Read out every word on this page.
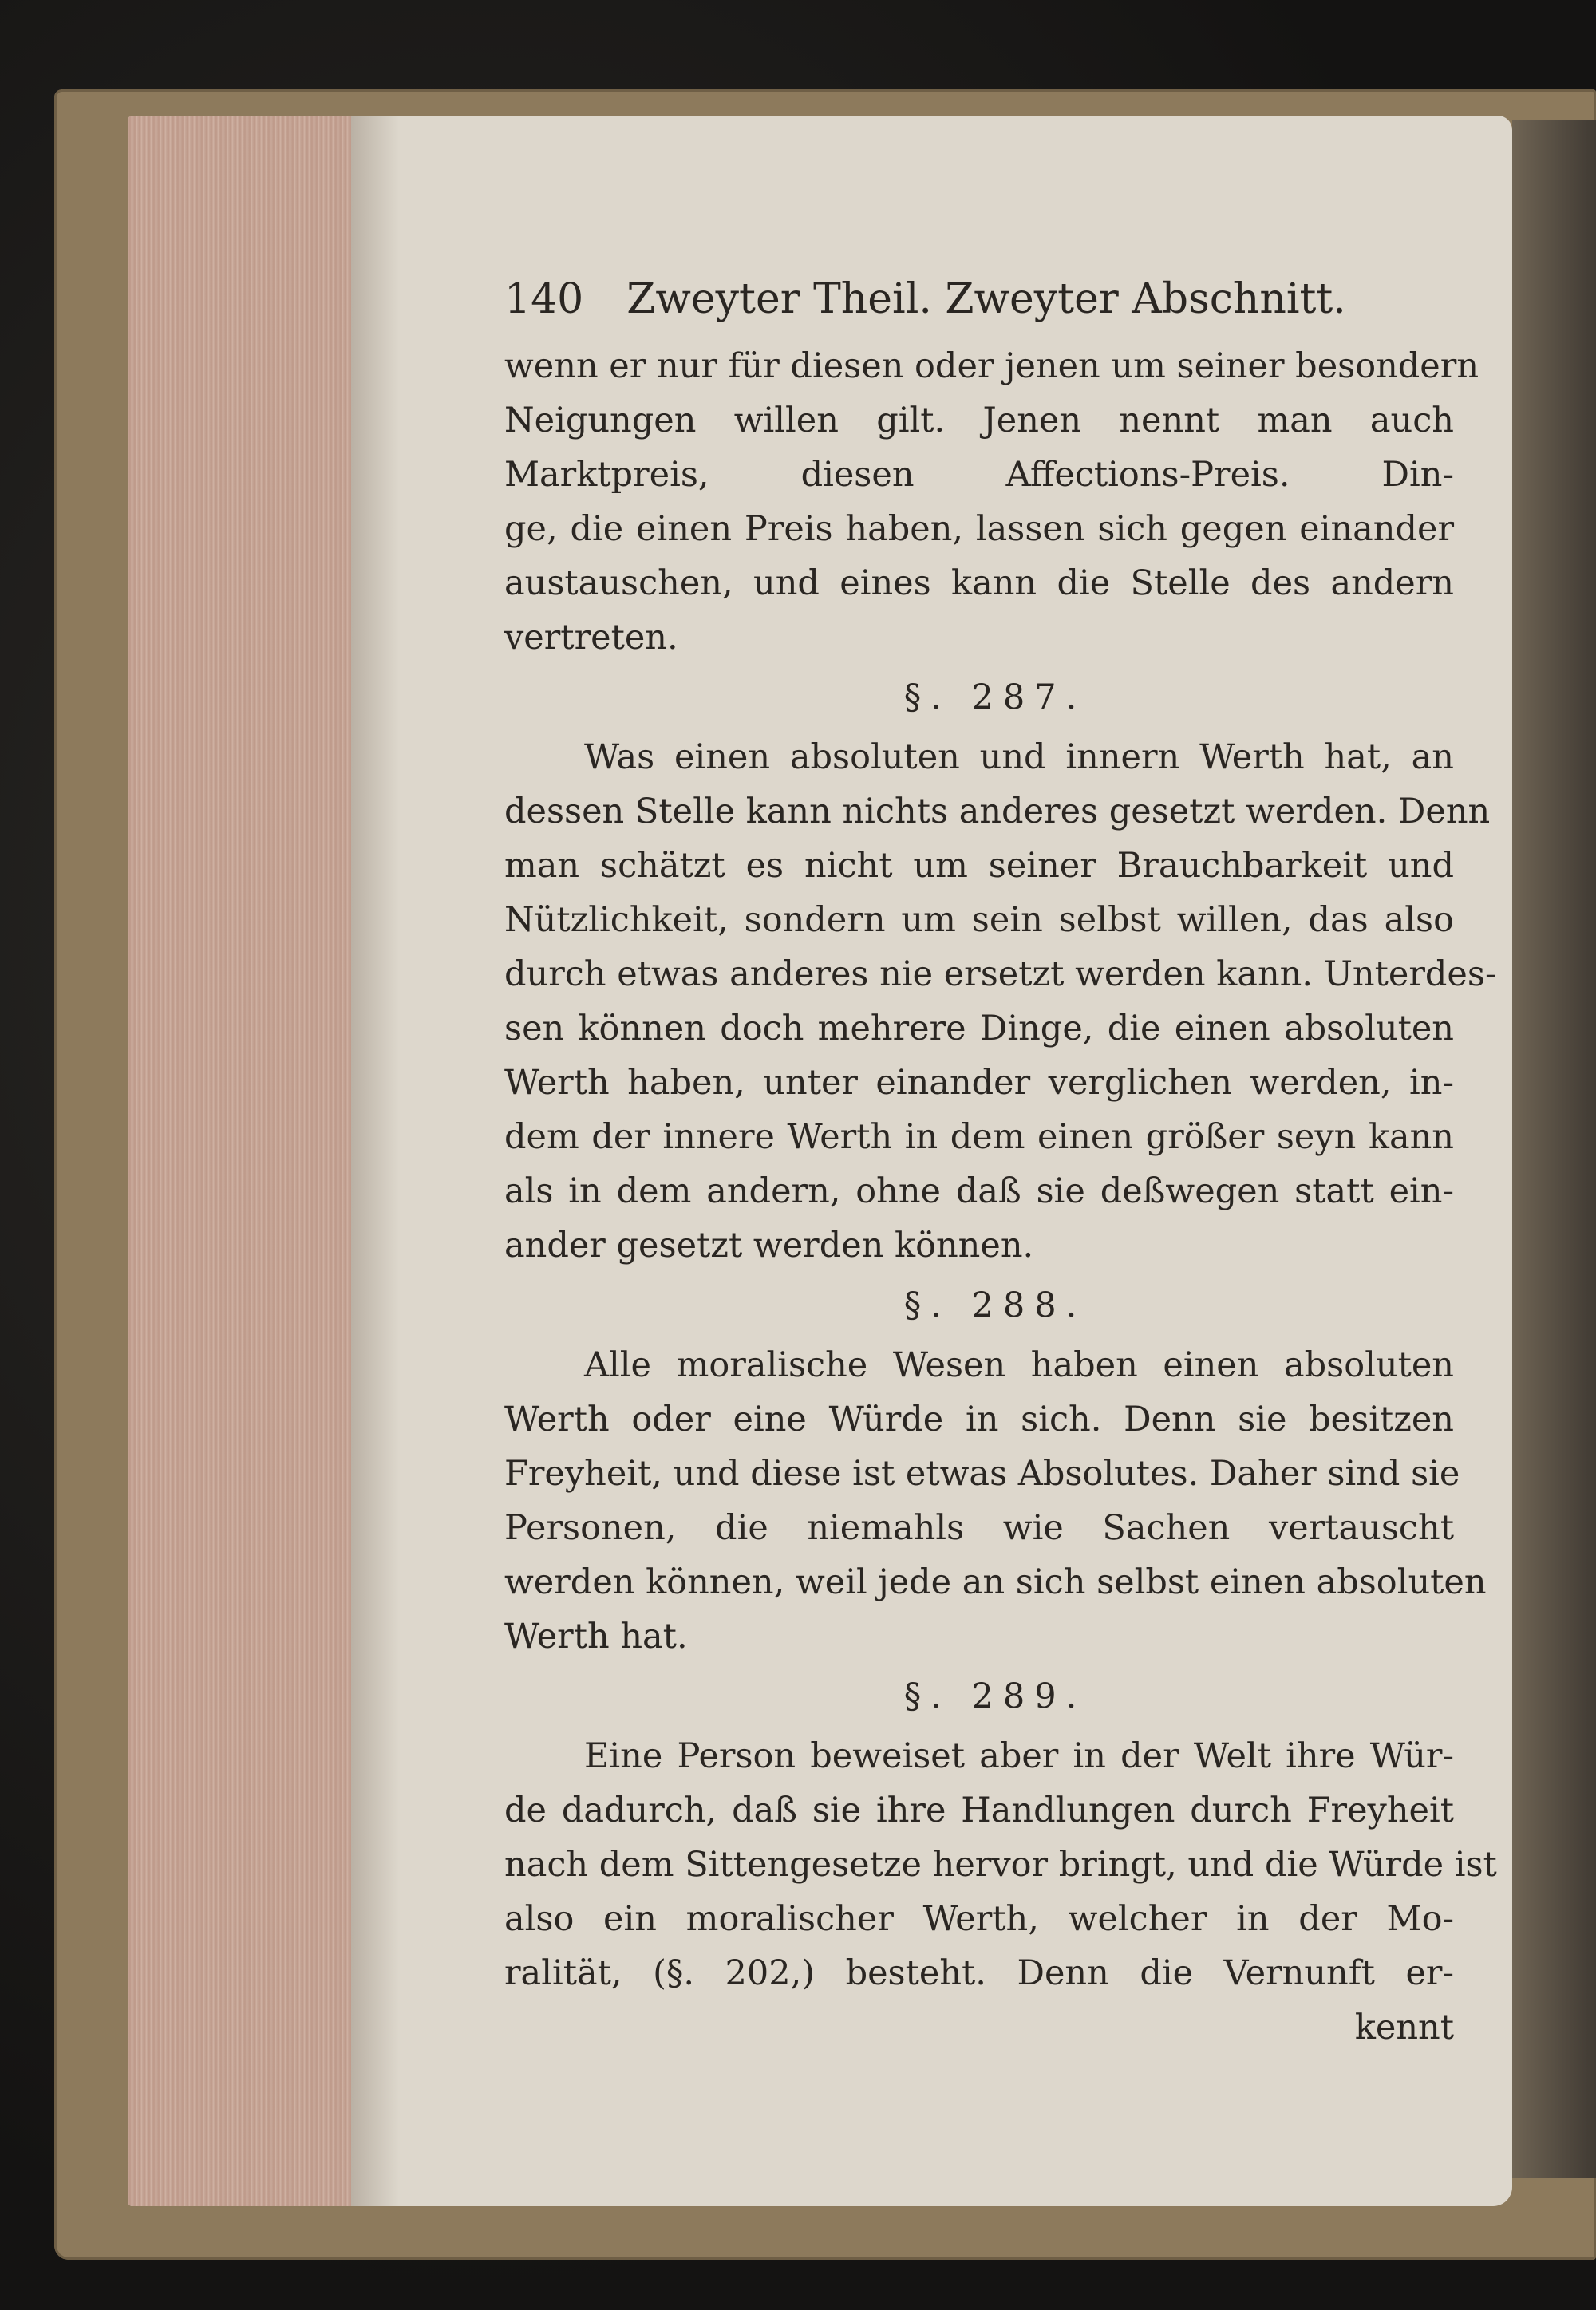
140 Zweyter Theil. Zweyter Abschnitt.
wenn er nur für diesen oder jenen um seiner besondern
Neigungen willen gilt. Jenen nennt man auch
Marktpreis, diesen Affections-Preis. Din-
ge, die einen Preis haben, lassen sich gegen einander
austauschen, und eines kann die Stelle des andern
vertreten.
§. 287.
Was einen absoluten und innern Werth hat, an
dessen Stelle kann nichts anderes gesetzt werden. Denn
man schätzt es nicht um seiner Brauchbarkeit und
Nützlichkeit, sondern um sein selbst willen, das also
durch etwas anderes nie ersetzt werden kann. Unterdes-
sen können doch mehrere Dinge, die einen absoluten
Werth haben, unter einander verglichen werden, in-
dem der innere Werth in dem einen größer seyn kann
als in dem andern, ohne daß sie deßwegen statt ein-
ander gesetzt werden können.
§. 288.
Alle moralische Wesen haben einen absoluten
Werth oder eine Würde in sich. Denn sie besitzen
Freyheit, und diese ist etwas Absolutes. Daher sind sie
Personen, die niemahls wie Sachen vertauscht
werden können, weil jede an sich selbst einen absoluten
Werth hat.
§. 289.
Eine Person beweiset aber in der Welt ihre Wür-
de dadurch, daß sie ihre Handlungen durch Freyheit
nach dem Sittengesetze hervor bringt, und die Würde ist
also ein moralischer Werth, welcher in der Mo-
ralität, (§. 202,) besteht. Denn die Vernunft er-
kennt
